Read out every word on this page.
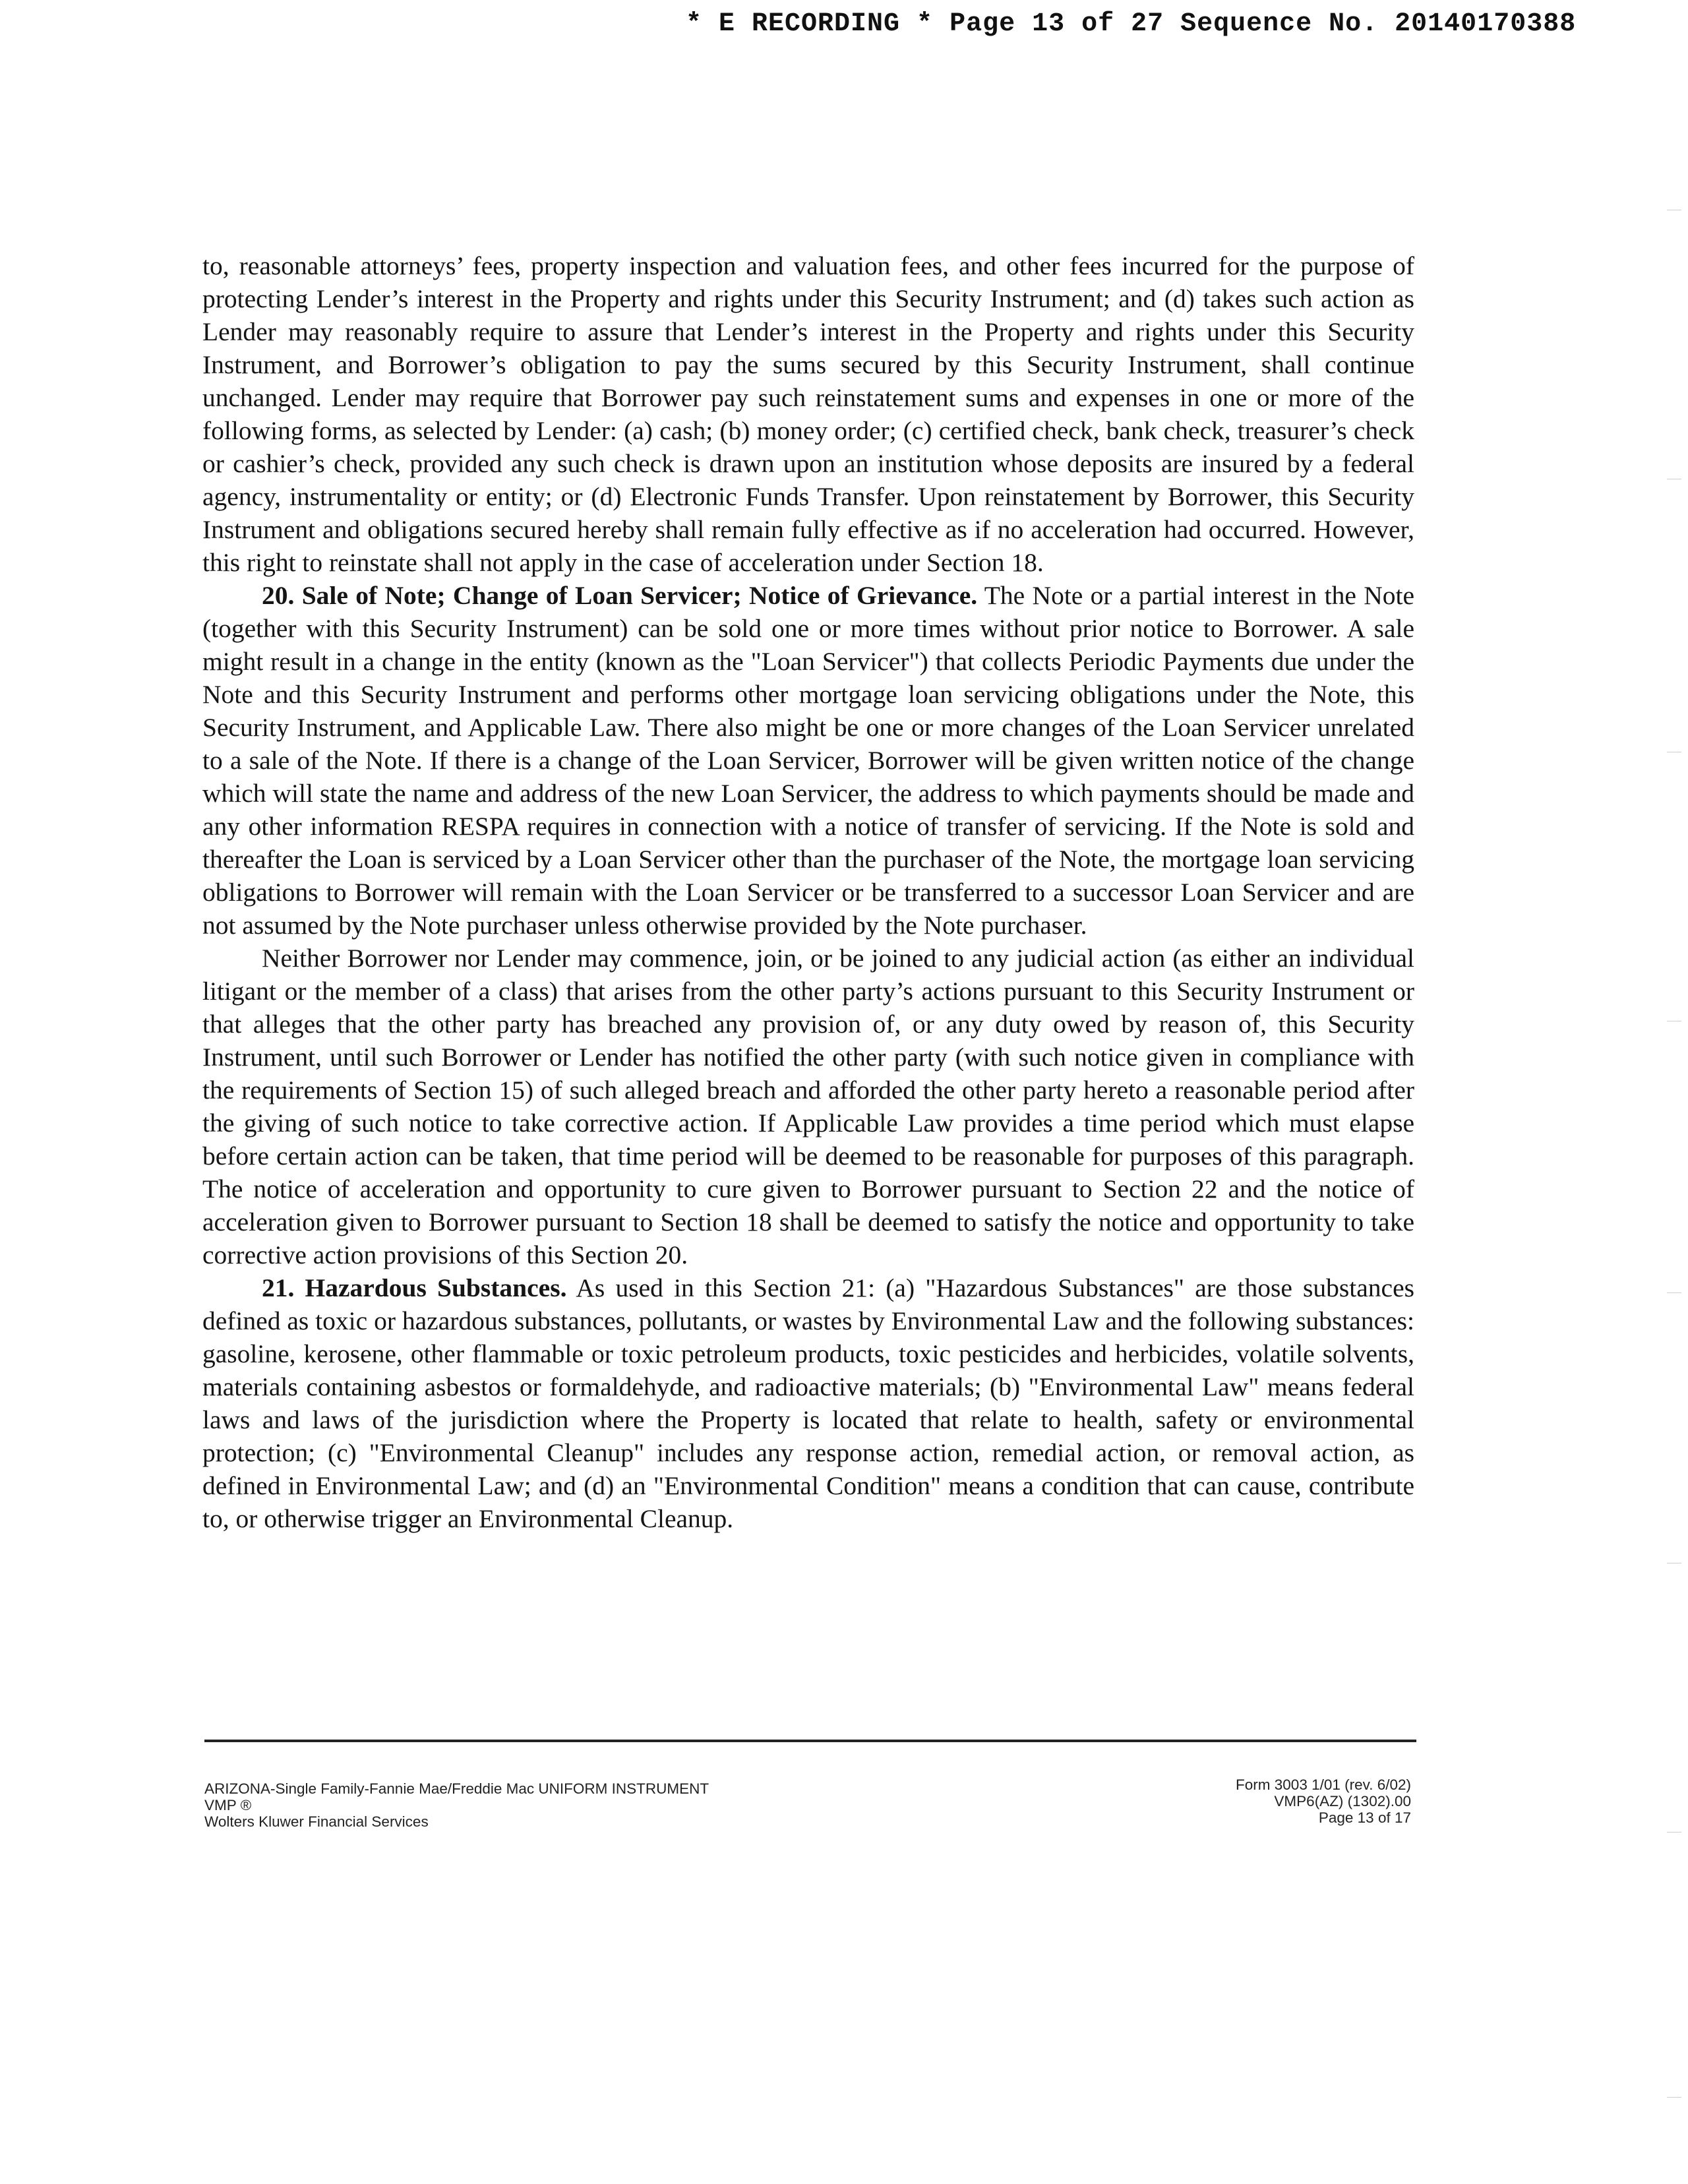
* E RECORDING * Page 13 of 27 Sequence No. 20140170388

to, reasonable attorneys’ fees, property inspection and valuation fees, and other fees incurred for the purpose of protecting Lender’s interest in the Property and rights under this Security Instrument; and (d) takes such action as Lender may reasonably require to assure that Lender’s interest in the Property and rights under this Security Instrument, and Borrower’s obligation to pay the sums secured by this Security Instrument, shall continue unchanged. Lender may require that Borrower pay such reinstatement sums and expenses in one or more of the following forms, as selected by Lender: (a) cash; (b) money order; (c) certified check, bank check, treasurer’s check or cashier’s check, provided any such check is drawn upon an institution whose deposits are insured by a federal agency, instrumentality or entity; or (d) Electronic Funds Transfer. Upon reinstatement by Borrower, this Security Instrument and obligations secured hereby shall remain fully effective as if no acceleration had occurred. However, this right to reinstate shall not apply in the case of acceleration under Section 18.

20. Sale of Note; Change of Loan Servicer; Notice of Grievance. The Note or a partial interest in the Note (together with this Security Instrument) can be sold one or more times without prior notice to Borrower. A sale might result in a change in the entity (known as the "Loan Servicer") that collects Periodic Payments due under the Note and this Security Instrument and performs other mortgage loan servicing obligations under the Note, this Security Instrument, and Applicable Law. There also might be one or more changes of the Loan Servicer unrelated to a sale of the Note. If there is a change of the Loan Servicer, Borrower will be given written notice of the change which will state the name and address of the new Loan Servicer, the address to which payments should be made and any other information RESPA requires in connection with a notice of transfer of servicing. If the Note is sold and thereafter the Loan is serviced by a Loan Servicer other than the purchaser of the Note, the mortgage loan servicing obligations to Borrower will remain with the Loan Servicer or be transferred to a successor Loan Servicer and are not assumed by the Note purchaser unless otherwise provided by the Note purchaser.

Neither Borrower nor Lender may commence, join, or be joined to any judicial action (as either an individual litigant or the member of a class) that arises from the other party’s actions pursuant to this Security Instrument or that alleges that the other party has breached any provision of, or any duty owed by reason of, this Security Instrument, until such Borrower or Lender has notified the other party (with such notice given in compliance with the requirements of Section 15) of such alleged breach and afforded the other party hereto a reasonable period after the giving of such notice to take corrective action. If Applicable Law provides a time period which must elapse before certain action can be taken, that time period will be deemed to be reasonable for purposes of this paragraph. The notice of acceleration and opportunity to cure given to Borrower pursuant to Section 22 and the notice of acceleration given to Borrower pursuant to Section 18 shall be deemed to satisfy the notice and opportunity to take corrective action provisions of this Section 20.

21. Hazardous Substances. As used in this Section 21: (a) "Hazardous Substances" are those substances defined as toxic or hazardous substances, pollutants, or wastes by Environmental Law and the following substances: gasoline, kerosene, other flammable or toxic petroleum products, toxic pesticides and herbicides, volatile solvents, materials containing asbestos or formaldehyde, and radioactive materials; (b) "Environmental Law" means federal laws and laws of the jurisdiction where the Property is located that relate to health, safety or environmental protection; (c) "Environmental Cleanup" includes any response action, remedial action, or removal action, as defined in Environmental Law; and (d) an "Environmental Condition" means a condition that can cause, contribute to, or otherwise trigger an Environmental Cleanup.

ARIZONA-Single Family-Fannie Mae/Freddie Mac UNIFORM INSTRUMENT
VMP ®
Wolters Kluwer Financial Services
Form 3003 1/01 (rev. 6/02)
VMP6(AZ) (1302).00
Page 13 of 17
